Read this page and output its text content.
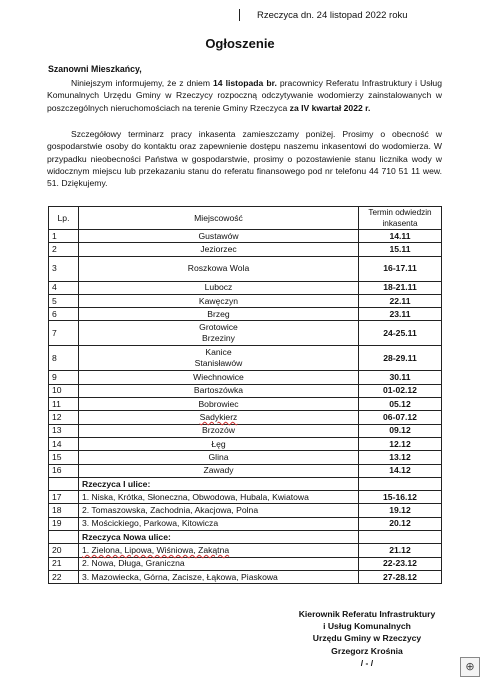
Rzeczyca dn. 24 listopad 2022 roku
Ogłoszenie
Szanowni Mieszkańcy,
Niniejszym informujemy, że z dniem 14 listopada br. pracownicy Referatu Infrastruktury i Usług Komunalnych Urzędu Gminy w Rzeczycy rozpoczną odczytywanie wodomierzy zainstalowanych w poszczególnych nieruchomościach na terenie Gminy Rzeczyca za IV kwartał 2022 r.
Szczegółowy terminarz pracy inkasenta zamieszczamy poniżej. Prosimy o obecność w gospodarstwie osoby do kontaktu oraz zapewnienie dostępu naszemu inkasentowi do wodomierza. W przypadku nieobecności Państwa w gospodarstwie, prosimy o pozostawienie stanu licznika wody w widocznym miejscu lub przekazaniu stanu do referatu finansowego pod nr telefonu 44 710 51 11 wew. 51. Dziękujemy.
Lp.	Miejscowość	Termin odwiedzin inkasenta
1	Gustawów	14.11
2	Jeziorzec	15.11
3	Roszkowa Wola	16-17.11
4	Lubocz	18-21.11
5	Kawęczyn	22.11
6	Brzeg	23.11
7	Grotowice
Brzeziny	24-25.11
8	Kanice
Stanisławów	28-29.11
9	Wiechnowice	30.11
10	Bartoszówka	01-02.12
11	Bobrowiec	05.12
12	Sadykierz	06-07.12
13	Brzozów	09.12
14	Łęg	12.12
15	Glina	13.12
16	Zawady	14.12
	Rzeczyca I ulice:	
17	1. Niska, Krótka, Słoneczna, Obwodowa, Hubala, Kwiatowa	15-16.12
18	2. Tomaszowska, Zachodnia, Akacjowa, Polna	19.12
19	3. Mościckiego, Parkowa, Kitowicza	20.12
	Rzeczyca Nowa ulice:	
20	1. Zielona, Lipowa, Wiśniowa, Zakątna	21.12
21	2. Nowa, Długa, Graniczna	22-23.12
22	3. Mazowiecka, Górna, Zacisze, Łąkowa, Piaskowa	27-28.12
Kierownik Referatu Infrastruktury
i Usług Komunalnych
Urzędu Gminy w Rzeczycy
Grzegorz Krośnia
/ - /	⊕
